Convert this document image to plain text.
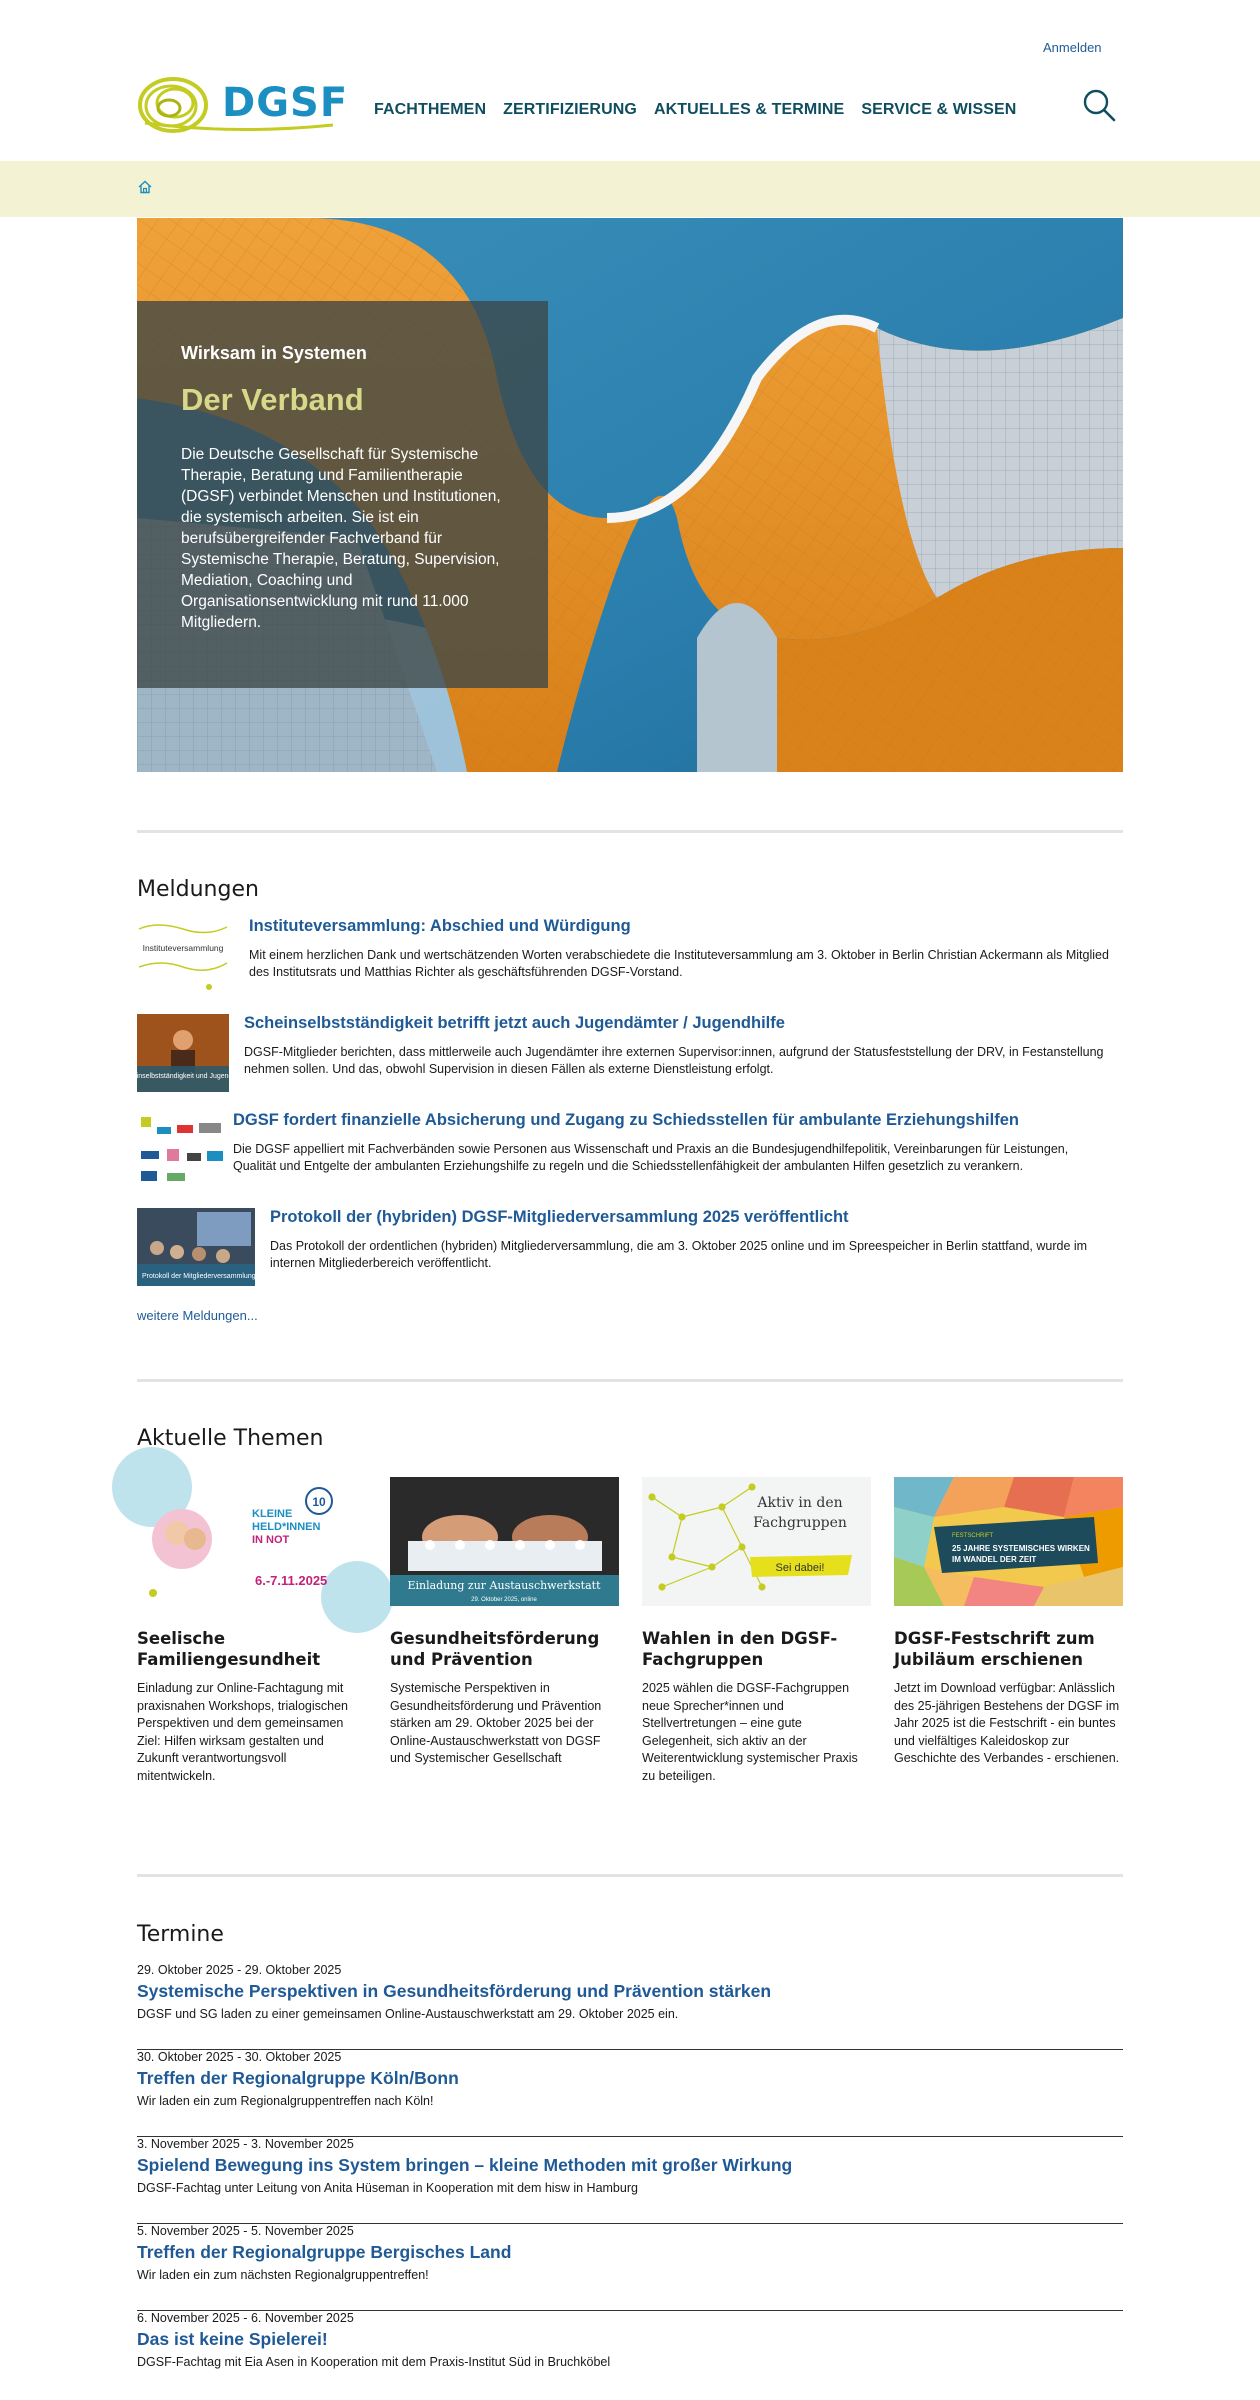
Anmelden
DGSF FACHTHEMEN ZERTIFIZIERUNG AKTUELLES & TERMINE SERVICE & WISSEN
Wirksam in Systemen
Der Verband
Die Deutsche Gesellschaft für Systemische Therapie, Beratung und Familientherapie (DGSF) verbindet Menschen und Institutionen, die systemisch arbeiten. Sie ist ein berufsübergreifender Fachverband für Systemische Therapie, Beratung, Supervision, Mediation, Coaching und Organisationsentwicklung mit rund 11.000 Mitgliedern.
Meldungen
Instituteversammlung
Instituteversammlung: Abschied und Würdigung
Mit einem herzlichen Dank und wertschätzenden Worten verabschiedete die Instituteversammlung am 3. Oktober in Berlin Christian Ackermann als Mitglied des Institutsrats und Matthias Richter als geschäftsführenden DGSF-Vorstand.
Scheinselbstständigkeit und Jugendhilfe
Scheinselbstständigkeit betrifft jetzt auch Jugendämter / Jugendhilfe
DGSF-Mitglieder berichten, dass mittlerweile auch Jugendämter ihre externen Supervisor:innen, aufgrund der Statusfeststellung der DRV, in Festanstellung nehmen sollen. Und das, obwohl Supervision in diesen Fällen als externe Dienstleistung erfolgt.
DGSF fordert finanzielle Absicherung und Zugang zu Schiedsstellen für ambulante Erziehungshilfen
Die DGSF appelliert mit Fachverbänden sowie Personen aus Wissenschaft und Praxis an die Bundesjugendhilfepolitik, Vereinbarungen für Leistungen, Qualität und Entgelte der ambulanten Erziehungshilfe zu regeln und die Schiedsstellenfähigkeit der ambulanten Hilfen gesetzlich zu verankern.
Protokoll der Mitgliederversammlung
Protokoll der (hybriden) DGSF-Mitgliederversammlung 2025 veröffentlicht
Das Protokoll der ordentlichen (hybriden) Mitgliederversammlung, die am 3. Oktober 2025 online und im Spreespeicher in Berlin stattfand, wurde im internen Mitgliederbereich veröffentlicht.
weitere Meldungen...
Aktuelle Themen
10
KLEINE
HELD*INNEN
IN NOT
6.-7.11.2025
Seelische Familiengesundheit
Einladung zur Online-Fachtagung mit praxisnahen Workshops, trialogischen Perspektiven und dem gemeinsamen Ziel: Hilfen wirksam gestalten und Zukunft verantwortungsvoll mitentwickeln.
Einladung zur Austauschwerkstatt
29. Oktober 2025, online
Gesundheitsförderung und Prävention
Systemische Perspektiven in Gesundheitsförderung und Prävention stärken am 29. Oktober 2025 bei der Online-Austauschwerkstatt von DGSF und Systemischer Gesellschaft
Aktiv in den
Fachgruppen
Sei dabei!
Wahlen in den DGSF-Fachgruppen
2025 wählen die DGSF-Fachgruppen neue Sprecher*innen und Stellvertretungen – eine gute Gelegenheit, sich aktiv an der Weiterentwicklung systemischer Praxis zu beteiligen.
FESTSCHRIFT
25 JAHRE SYSTEMISCHES WIRKEN
IM WANDEL DER ZEIT
DGSF-Festschrift zum Jubiläum erschienen
Jetzt im Download verfügbar: Anlässlich des 25-jährigen Bestehens der DGSF im Jahr 2025 ist die Festschrift - ein buntes und vielfältiges Kaleidoskop zur Geschichte des Verbandes - erschienen.
Termine
29. Oktober 2025 - 29. Oktober 2025
Systemische Perspektiven in Gesundheitsförderung und Prävention stärken
DGSF und SG laden zu einer gemeinsamen Online-Austauschwerkstatt am 29. Oktober 2025 ein.
30. Oktober 2025 - 30. Oktober 2025
Treffen der Regionalgruppe Köln/Bonn
Wir laden ein zum Regionalgruppentreffen nach Köln!
3. November 2025 - 3. November 2025
Spielend Bewegung ins System bringen – kleine Methoden mit großer Wirkung
DGSF-Fachtag unter Leitung von Anita Hüseman in Kooperation mit dem hisw in Hamburg
5. November 2025 - 5. November 2025
Treffen der Regionalgruppe Bergisches Land
Wir laden ein zum nächsten Regionalgruppentreffen!
6. November 2025 - 6. November 2025
Das ist keine Spielerei!
DGSF-Fachtag mit Eia Asen in Kooperation mit dem Praxis-Institut Süd in Bruchköbel
